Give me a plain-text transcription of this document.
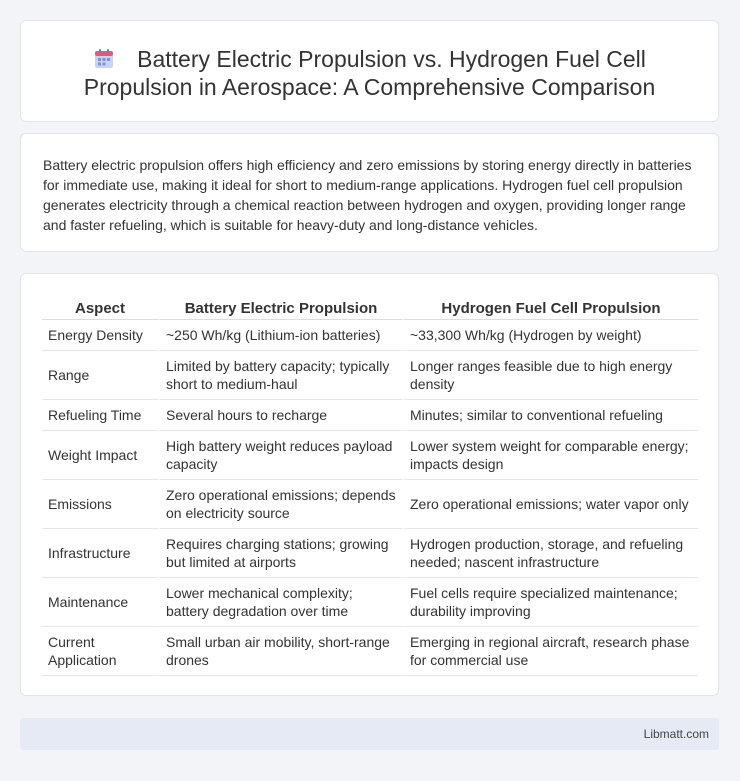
Battery Electric Propulsion vs. Hydrogen Fuel Cell Propulsion in Aerospace: A Comprehensive Comparison

Battery electric propulsion offers high efficiency and zero emissions by storing energy directly in batteries for immediate use, making it ideal for short to medium-range applications. Hydrogen fuel cell propulsion generates electricity through a chemical reaction between hydrogen and oxygen, providing longer range and faster refueling, which is suitable for heavy-duty and long-distance vehicles.

Aspect	Battery Electric Propulsion	Hydrogen Fuel Cell Propulsion
Energy Density	~250 Wh/kg (Lithium-ion batteries)	~33,300 Wh/kg (Hydrogen by weight)
Range	Limited by battery capacity; typically short to medium-haul	Longer ranges feasible due to high energy density
Refueling Time	Several hours to recharge	Minutes; similar to conventional refueling
Weight Impact	High battery weight reduces payload capacity	Lower system weight for comparable energy; impacts design
Emissions	Zero operational emissions; depends on electricity source	Zero operational emissions; water vapor only
Infrastructure	Requires charging stations; growing but limited at airports	Hydrogen production, storage, and refueling needed; nascent infrastructure
Maintenance	Lower mechanical complexity; battery degradation over time	Fuel cells require specialized maintenance; durability improving
Current Application	Small urban air mobility, short-range drones	Emerging in regional aircraft, research phase for commercial use
Libmatt.com
